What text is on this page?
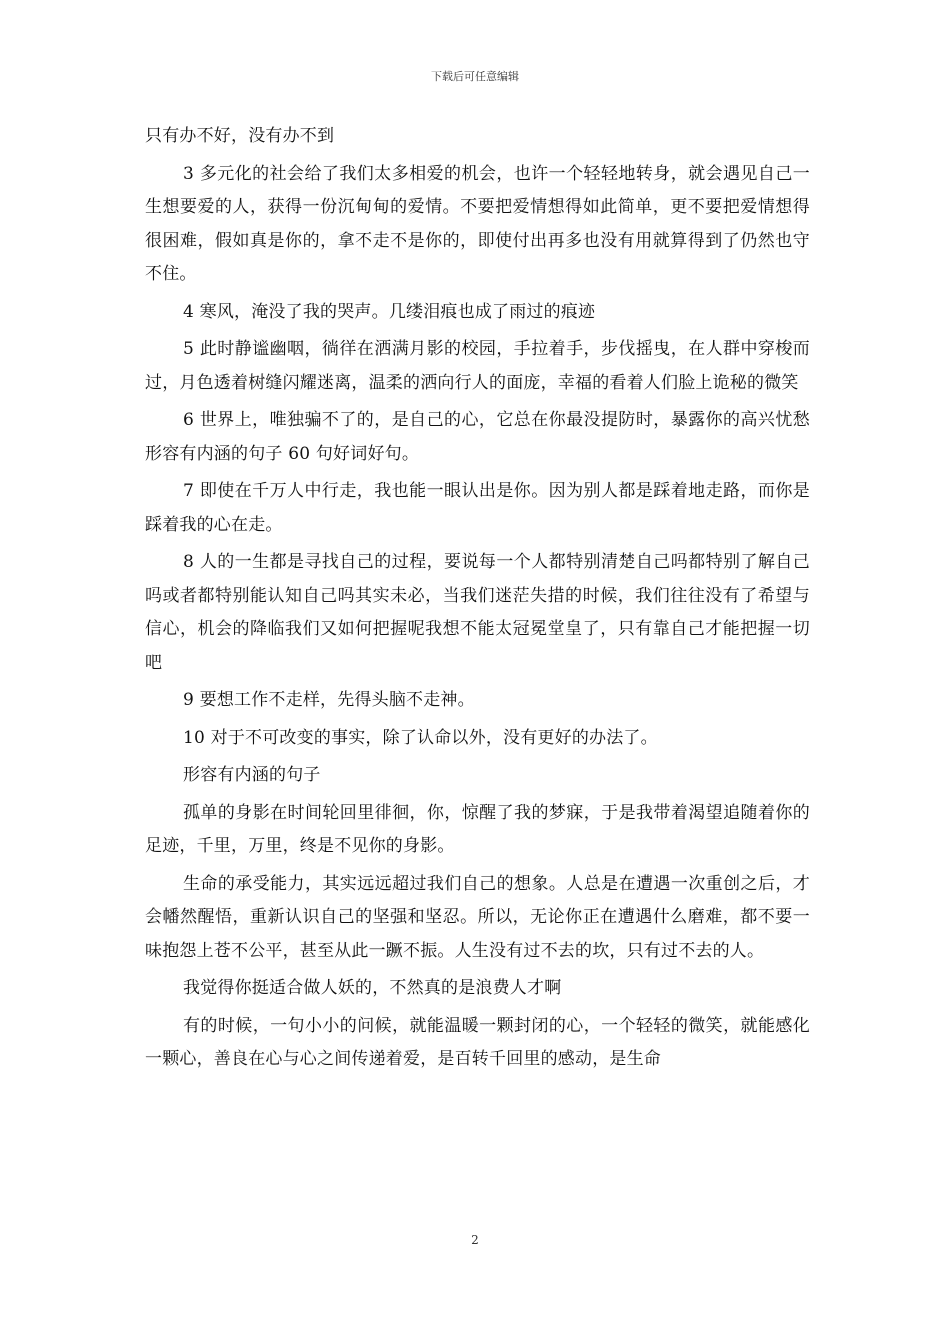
下载后可任意编辑

只有办不好，没有办不到

3 多元化的社会给了我们太多相爱的机会，也许一个轻轻地转身，就会遇见自己一生想要爱的人，获得一份沉甸甸的爱情。不要把爱情想得如此简单，更不要把爱情想得很困难，假如真是你的，拿不走不是你的，即使付出再多也没有用就算得到了仍然也守不住。

4 寒风，淹没了我的哭声。几缕泪痕也成了雨过的痕迹

5 此时静谧幽咽，徜徉在洒满月影的校园，手拉着手，步伐摇曳，在人群中穿梭而过，月色透着树缝闪耀迷离，温柔的洒向行人的面庞，幸福的看着人们脸上诡秘的微笑

6 世界上，唯独骗不了的，是自己的心，它总在你最没提防时，暴露你的高兴忧愁形容有内涵的句子 60 句好词好句。

7 即使在千万人中行走，我也能一眼认出是你。因为别人都是踩着地走路，而你是踩着我的心在走。

8 人的一生都是寻找自己的过程，要说每一个人都特别清楚自己吗都特别了解自己吗或者都特别能认知自己吗其实未必，当我们迷茫失措的时候，我们往往没有了希望与信心，机会的降临我们又如何把握呢我想不能太冠冕堂皇了，只有靠自己才能把握一切吧

9 要想工作不走样，先得头脑不走神。

10 对于不可改变的事实，除了认命以外，没有更好的办法了。

形容有内涵的句子

孤单的身影在时间轮回里徘徊，你，惊醒了我的梦寐，于是我带着渴望追随着你的足迹，千里，万里，终是不见你的身影。

生命的承受能力，其实远远超过我们自己的想象。人总是在遭遇一次重创之后，才会幡然醒悟，重新认识自己的坚强和坚忍。所以，无论你正在遭遇什么磨难，都不要一味抱怨上苍不公平，甚至从此一蹶不振。人生没有过不去的坎，只有过不去的人。

我觉得你挺适合做人妖的，不然真的是浪费人才啊

有的时候，一句小小的问候，就能温暖一颗封闭的心，一个轻轻的微笑，就能感化一颗心，善良在心与心之间传递着爱，是百转千回里的感动，是生命

2
